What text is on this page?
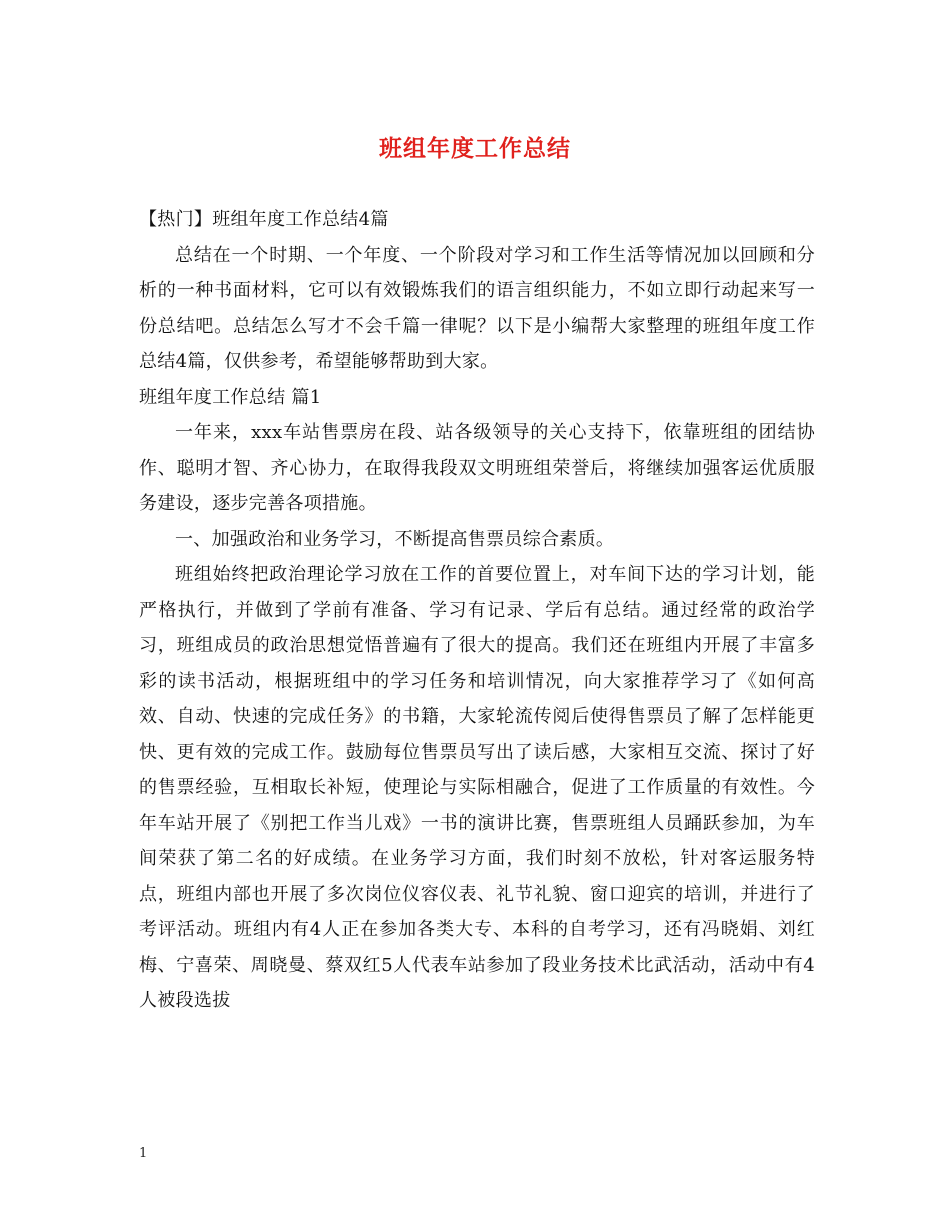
班组年度工作总结

【热门】班组年度工作总结4篇

总结在一个时期、一个年度、一个阶段对学习和工作生活等情况加以回顾和分析的一种书面材料，它可以有效锻炼我们的语言组织能力，不如立即行动起来写一份总结吧。总结怎么写才不会千篇一律呢？以下是小编帮大家整理的班组年度工作总结4篇，仅供参考，希望能够帮助到大家。

班组年度工作总结 篇1

一年来，xxx车站售票房在段、站各级领导的关心支持下，依靠班组的团结协作、聪明才智、齐心协力，在取得我段双文明班组荣誉后，将继续加强客运优质服务建设，逐步完善各项措施。

一、加强政治和业务学习，不断提高售票员综合素质。

班组始终把政治理论学习放在工作的首要位置上，对车间下达的学习计划，能严格执行，并做到了学前有准备、学习有记录、学后有总结。通过经常的政治学习，班组成员的政治思想觉悟普遍有了很大的提高。我们还在班组内开展了丰富多彩的读书活动，根据班组中的学习任务和培训情况，向大家推荐学习了《如何高效、自动、快速的完成任务》的书籍，大家轮流传阅后使得售票员了解了怎样能更快、更有效的完成工作。鼓励每位售票员写出了读后感，大家相互交流、探讨了好的售票经验，互相取长补短，使理论与实际相融合，促进了工作质量的有效性。今年车站开展了《别把工作当儿戏》一书的演讲比赛，售票班组人员踊跃参加，为车间荣获了第二名的好成绩。在业务学习方面，我们时刻不放松，针对客运服务特点，班组内部也开展了多次岗位仪容仪表、礼节礼貌、窗口迎宾的培训，并进行了考评活动。班组内有4人正在参加各类大专、本科的自考学习，还有冯晓娟、刘红梅、宁喜荣、周晓曼、蔡双红5人代表车站参加了段业务技术比武活动，活动中有4人被段选拔

1
